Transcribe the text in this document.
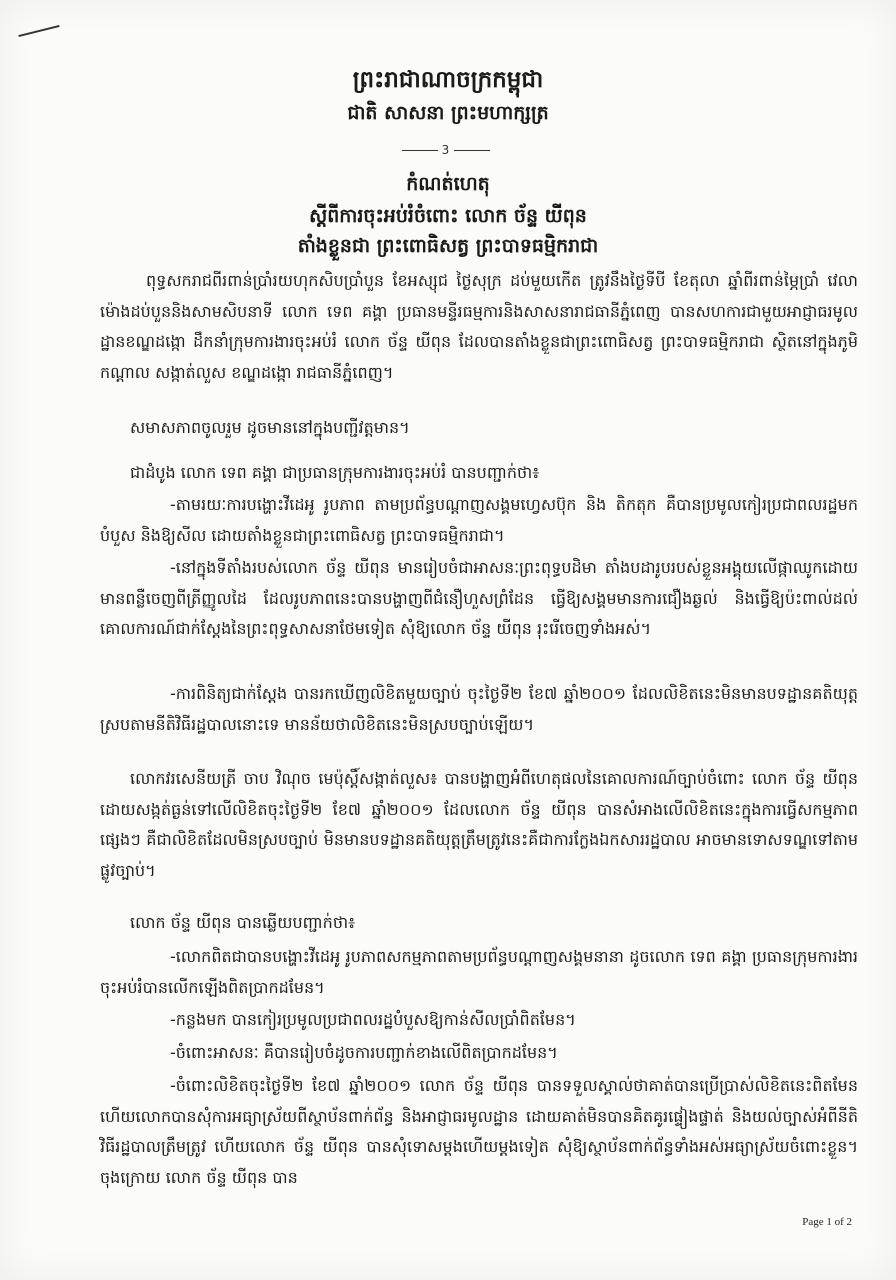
ព្រះរាជាណាចក្រកម្ពុជា
ជាតិ សាសនា ព្រះមហាក្សត្រ
3
កំណត់ហេតុ
ស្ដីពីការចុះអប់រំចំពោះ លោក ច័ន្ទ យីពុន
តាំងខ្លួនជា ព្រះពោធិសត្វ ព្រះបាទធម្មិករាជា
ពុទ្ធសករាជពីរពាន់ប្រាំរយហុកសិបប្រាំបួន ខែអស្សុជ ថ្ងៃសុក្រ ដប់មួយកើត ត្រូវនឹងថ្ងៃទីបី ខែតុលា ឆ្នាំពីរពាន់ម្ភៃប្រាំ វេលាម៉ោងដប់បួននិងសាមសិបនាទី លោក ទេព គង្គា ប្រធានមន្ទីរធម្មការនិងសាសនារាជធានីភ្នំពេញ បានសហការជាមួយអាជ្ញាធរមូលដ្ឋានខណ្ឌដង្កោ ដឹកនាំក្រុមការងារចុះអប់រំ លោក ច័ន្ទ យីពុន ដែលបានតាំងខ្លួនជាព្រះពោធិសត្វ ព្រះបាទធម្មិករាជា ស្ថិតនៅក្នុងភូមិកណ្ដាល សង្កាត់លួស ខណ្ឌដង្កោ រាជធានីភ្នំពេញ។
សមាសភាពចូលរួម ដូចមាននៅក្នុងបញ្ជីវត្តមាន។
ជាដំបូង លោក ទេព គង្គា ជាប្រធានក្រុមការងារចុះអប់រំ បានបញ្ជាក់ថា៖
-តាមរយៈការបង្ហោះវីដេអូ រូបភាព តាមប្រព័ន្ធបណ្ដាញសង្គមហ្វេសប៊ុក និង តិកតុក គឺបានប្រមូលកៀរប្រជាពលរដ្ឋមកបំបួស និងឱ្យសីល ដោយតាំងខ្លួនជាព្រះពោធិសត្វ ព្រះបាទធម្មិករាជា។
-នៅក្នុងទីតាំងរបស់លោក ច័ន្ទ យីពុន មានរៀបចំជាអាសនៈព្រះពុទ្ធបដិមា តាំងបដារូបរបស់ខ្លួនអង្គុយលើផ្កាឈូកដោយមានពន្លឺចេញពីត្រីញ្ញូលដៃ ដែលរូបភាពនេះបានបង្ហាញពីជំនឿហួសព្រំដែន ធ្វើឱ្យសង្គមមានការជឿងឆ្ងល់ និងធ្វើឱ្យប៉ះពាល់ដល់គោលការណ៍ជាក់ស្ដែងនៃព្រះពុទ្ធសាសនាថែមទៀត សុំឱ្យលោក ច័ន្ទ យីពុន រុះរើចេញទាំងអស់។
-ការពិនិត្យជាក់ស្ដែង បានរកឃើញលិខិតមួយច្បាប់ ចុះថ្ងៃទី២ ខែ៧ ឆ្នាំ២០០១ ដែលលិខិតនេះមិនមានបទដ្ឋានគតិយុត្តស្របតាមនីតិវិធីរដ្ឋបាលនោះទេ មានន័យថាលិខិតនេះមិនស្របច្បាប់ឡើយ។
លោកវរសេនីយត្រី ចាប វិណុច មេប៉ុស្តិ៍សង្កាត់លួស៖ បានបង្ហាញអំពីហេតុផលនៃគោលការណ៍ច្បាប់ចំពោះ លោក ច័ន្ទ យីពុន ដោយសង្កត់ធ្ងន់ទៅលើលិខិតចុះថ្ងៃទី២ ខែ៧ ឆ្នាំ២០០១ ដែលលោក ច័ន្ទ យីពុន បានសំអាងលើលិខិតនេះក្នុងការធ្វើសកម្មភាពផ្សេងៗ គឺជាលិខិតដែលមិនស្របច្បាប់ មិនមានបទដ្ឋានគតិយុត្តត្រឹមត្រូវនេះគឺជាការក្លែងឯកសាររដ្ឋបាល អាចមានទោសទណ្ឌទៅតាមផ្លូវច្បាប់។
លោក ច័ន្ទ យីពុន បានឆ្លើយបញ្ជាក់ថា៖
-លោកពិតជាបានបង្ហោះវីដេអូ រូបភាពសកម្មភាពតាមប្រព័ន្ធបណ្ដាញសង្គមនានា ដូចលោក ទេព គង្គា ប្រធានក្រុមការងារចុះអប់រំបានលើកឡើងពិតប្រាកដមែន។
-កន្លងមក បានកៀរប្រមូលប្រជាពលរដ្ឋបំបួសឱ្យកាន់សីលប្រាំពិតមែន។
-ចំពោះអាសនៈ គឺបានរៀបចំដូចការបញ្ជាក់ខាងលើពិតប្រាកដមែន។
-ចំពោះលិខិតចុះថ្ងៃទី២ ខែ៧ ឆ្នាំ២០០១ លោក ច័ន្ទ យីពុន បានទទួលស្គាល់ថាគាត់បានប្រើប្រាស់លិខិតនេះពិតមែន ហើយលោកបានសុំការអធ្យាស្រ័យពីស្ថាប័នពាក់ព័ន្ធ និងអាជ្ញាធរមូលដ្ឋាន ដោយគាត់មិនបានគិតគូរផ្ទៀងផ្ទាត់ និងយល់ច្បាស់អំពីនីតិវិធីរដ្ឋបាលត្រឹមត្រូវ ហើយលោក ច័ន្ទ យីពុន បានសុំទោសម្ដងហើយម្ដងទៀត សុំឱ្យស្ថាប័នពាក់ព័ន្ធទាំងអស់អធ្យាស្រ័យចំពោះខ្លួន។ ចុងក្រោយ លោក ច័ន្ទ យីពុន បាន
Page 1 of 2
